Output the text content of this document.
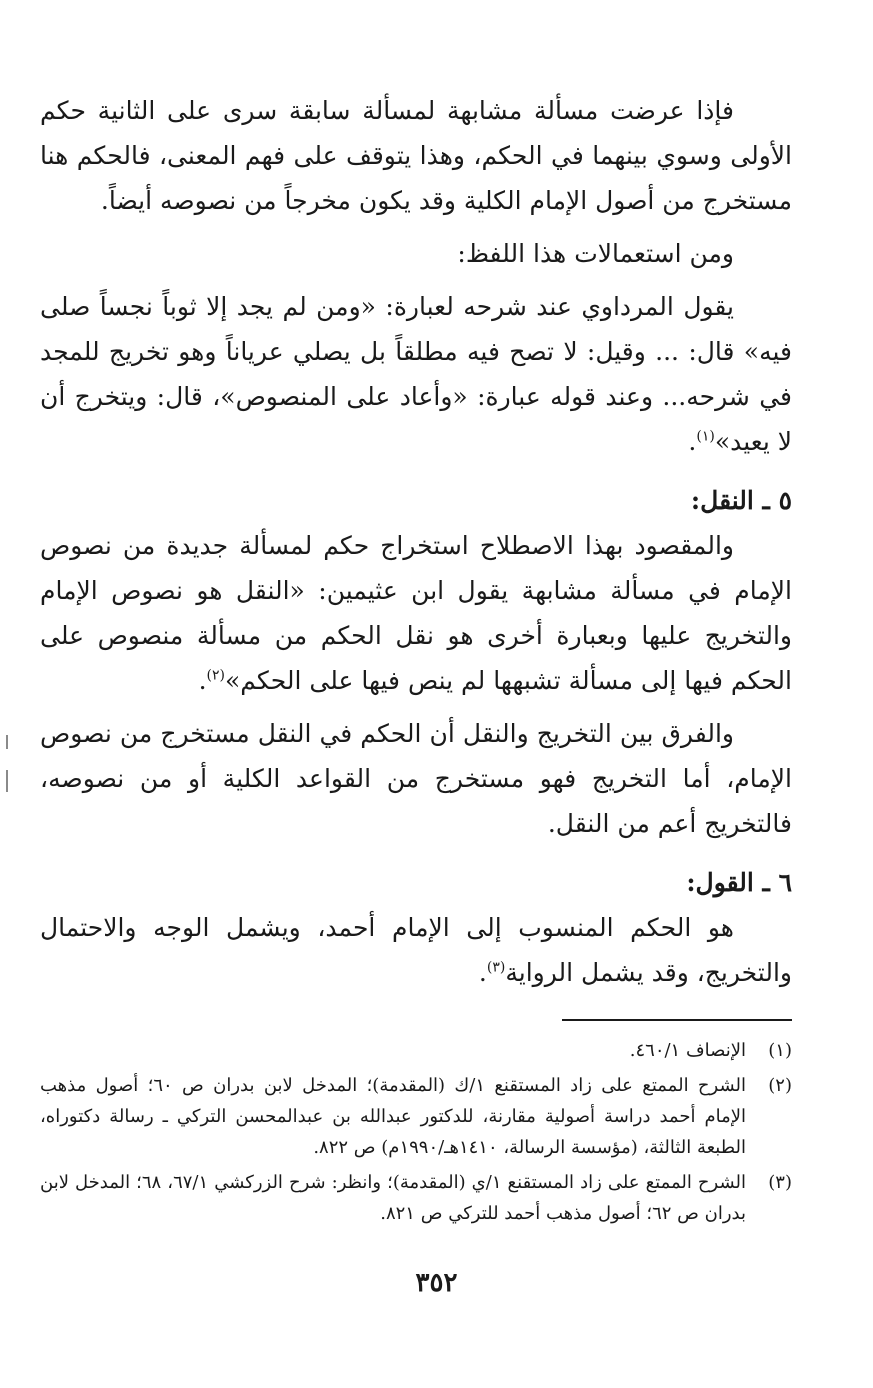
فإذا عرضت مسألة مشابهة لمسألة سابقة سرى على الثانية حكم الأولى وسوي بينهما في الحكم، وهذا يتوقف على فهم المعنى، فالحكم هنا مستخرج من أصول الإمام الكلية وقد يكون مخرجاً من نصوصه أيضاً.

ومن استعمالات هذا اللفظ:

يقول المرداوي عند شرحه لعبارة: «ومن لم يجد إلا ثوباً نجساً صلى فيه» قال: ... وقيل: لا تصح فيه مطلقاً بل يصلي عرياناً وهو تخريج للمجد في شرحه... وعند قوله عبارة: «وأعاد على المنصوص»، قال: ويتخرج أن لا يعيد»$^{(١)}$.

٥ ـ النقل:

والمقصود بهذا الاصطلاح استخراج حكم لمسألة جديدة من نصوص الإمام في مسألة مشابهة يقول ابن عثيمين: «النقل هو نصوص الإمام والتخريج عليها وبعبارة أخرى هو نقل الحكم من مسألة منصوص على الحكم فيها إلى مسألة تشبهها لم ينص فيها على الحكم»$^{(٢)}$.

والفرق بين التخريج والنقل أن الحكم في النقل مستخرج من نصوص الإمام، أما التخريج فهو مستخرج من القواعد الكلية أو من نصوصه، فالتخريج أعم من النقل.

٦ ـ القول:

هو الحكم المنسوب إلى الإمام أحمد، ويشمل الوجه والاحتمال والتخريج، وقد يشمل الرواية$^{(٣)}$.

(١)
الإنصاف ٤٦٠/١.
(٢)
الشرح الممتع على زاد المستقنع ١/ك (المقدمة)؛ المدخل لابن بدران ص ٦٠؛ أصول مذهب الإمام أحمد دراسة أصولية مقارنة، للدكتور عبدالله بن عبدالمحسن التركي ـ رسالة دكتوراه، الطبعة الثالثة، (مؤسسة الرسالة، ١٤١٠هـ/١٩٩٠م) ص ٨٢٢.
(٣)
الشرح الممتع على زاد المستقنع ١/ي (المقدمة)؛ وانظر: شرح الزركشي ٦٧/١، ٦٨؛ المدخل لابن بدران ص ٦٢؛ أصول مذهب أحمد للتركي ص ٨٢١.
٣٥٢
